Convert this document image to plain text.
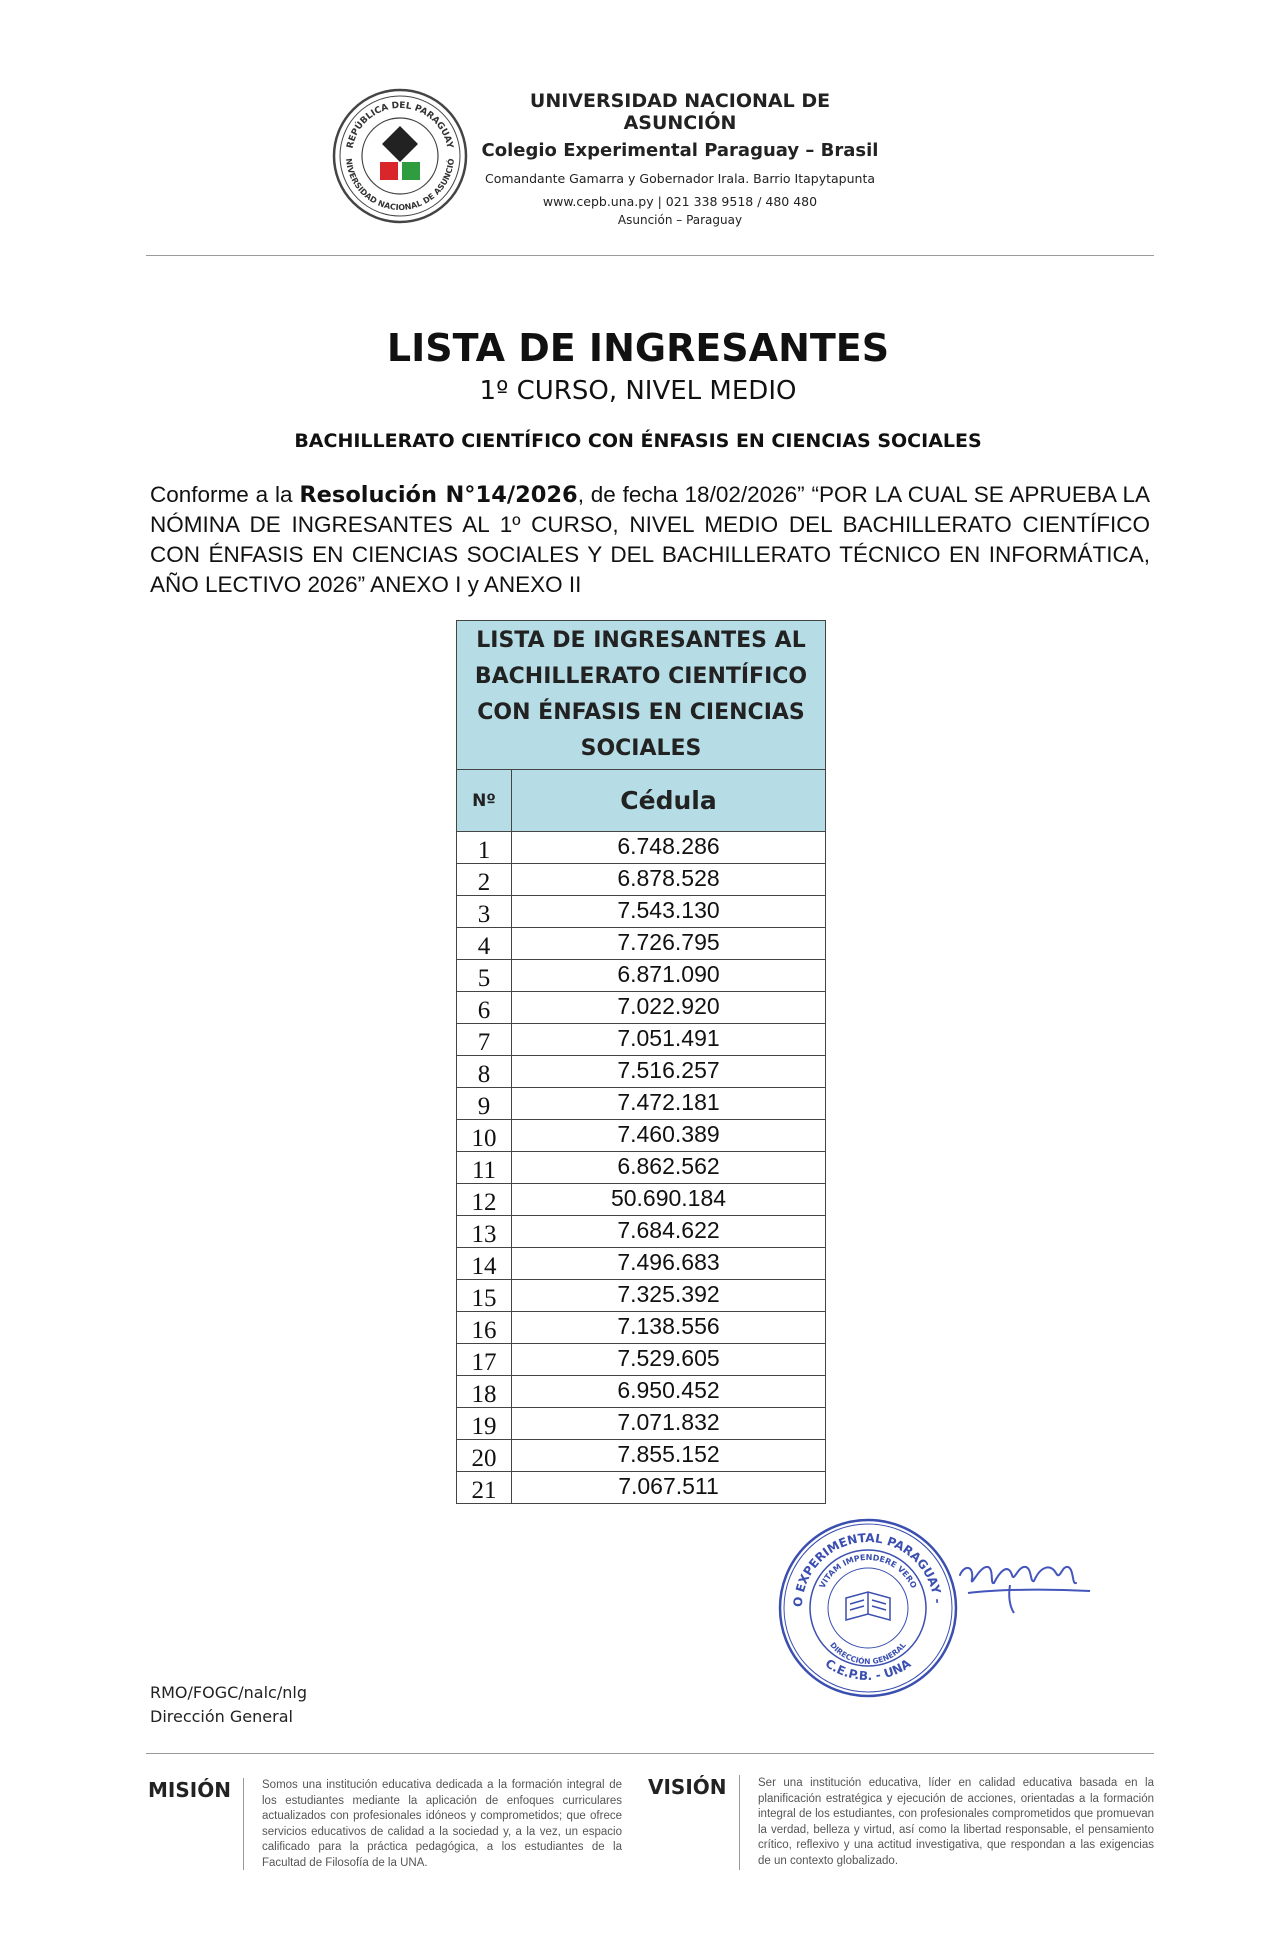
REPÚBLICA DEL PARAGUAY
NIVERSIDAD NACIONAL DE ASUNCIÓ
UNIVERSIDAD NACIONAL DE ASUNCIÓN
Colegio Experimental Paraguay – Brasil
Comandante Gamarra y Gobernador Irala. Barrio Itapytapunta
www.cepb.una.py | 021 338 9518 / 480 480
Asunción – Paraguay
LISTA DE INGRESANTES
1º CURSO, NIVEL MEDIO
BACHILLERATO CIENTÍFICO CON ÉNFASIS EN CIENCIAS SOCIALES
Conforme a la Resolución N°14/2026, de fecha 18/02/2026” “POR LA CUAL SE APRUEBA LA NÓMINA DE INGRESANTES AL 1º CURSO, NIVEL MEDIO DEL BACHILLERATO CIENTÍFICO CON ÉNFASIS EN CIENCIAS SOCIALES Y DEL BACHILLERATO TÉCNICO EN INFORMÁTICA, AÑO LECTIVO 2026” ANEXO I y ANEXO II
LISTA DE INGRESANTES AL BACHILLERATO CIENTÍFICO CON ÉNFASIS EN CIENCIAS SOCIALES	
Nº	Cédula
1	6.748.286
2	6.878.528
3	7.543.130
4	7.726.795
5	6.871.090
6	7.022.920
7	7.051.491
8	7.516.257
9	7.472.181
10	7.460.389
11	6.862.562
12	50.690.184
13	7.684.622
14	7.496.683
15	7.325.392
16	7.138.556
17	7.529.605
18	6.950.452
19	7.071.832
20	7.855.152
21	7.067.511
O EXPERIMENTAL PARAGUAY -
VITAM IMPENDERE VERO
C.E.P.B. - UNA
DIRECCIÓN GENERAL
RMO/FOGC/nalc/nlg
Dirección General
MISIÓN	Somos una institución educativa dedicada a la formación integral de los estudiantes mediante la aplicación de enfoques curriculares actualizados con profesionales idóneos y comprometidos; que ofrece servicios educativos de calidad a la sociedad y, a la vez, un espacio calificado para la práctica pedagógica, a los estudiantes de la Facultad de Filosofía de la UNA.
VISIÓN	Ser una institución educativa, líder en calidad educativa basada en la planificación estratégica y ejecución de acciones, orientadas a la formación integral de los estudiantes, con profesionales comprometidos que promuevan la verdad, belleza y virtud, así como la libertad responsable, el pensamiento crítico, reflexivo y una actitud investigativa, que respondan a las exigencias de un contexto globalizado.
